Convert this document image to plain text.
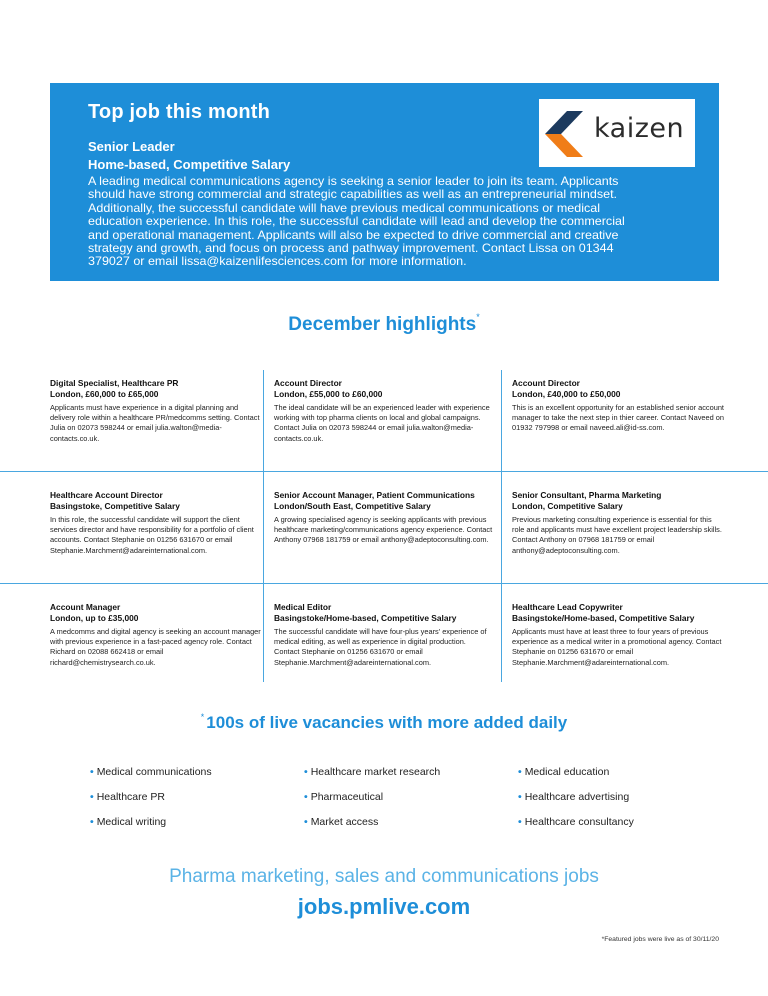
Top job this month
Senior Leader
Home-based, Competitive Salary
A leading medical communications agency is seeking a senior leader to join its team. Applicants should have strong commercial and strategic capabilities as well as an entrepreneurial mindset. Additionally, the successful candidate will have previous medical communications or medical education experience. In this role, the successful candidate will lead and develop the commercial and operational management. Applicants will also be expected to drive commercial and creative strategy and growth, and focus on process and pathway improvement. Contact Lissa on 01344 379027 or email lissa@kaizenlifesciences.com for more information.
kaizen
December highlights*
Digital Specialist, Healthcare PR
London, £60,000 to £65,000
Applicants must have experience in a digital planning and delivery role within a healthcare PR/medcomms setting. Contact Julia on 02073 598244 or email julia.walton@media-contacts.co.uk.
Account Director
London, £55,000 to £60,000
The ideal candidate will be an experienced leader with experience working with top pharma clients on local and global campaigns. Contact Julia on 02073 598244 or email julia.walton@media-contacts.co.uk.
Account Director
London, £40,000 to £50,000
This is an excellent opportunity for an established senior account manager to take the next step in thier career. Contact Naveed on 01932 797998 or email naveed.ali@id-ss.com.
Healthcare Account Director
Basingstoke, Competitive Salary
In this role, the successful candidate will support the client services director and have responsibility for a portfolio of client accounts. Contact Stephanie on 01256 631670 or email Stephanie.Marchment@adareinternational.com.
Senior Account Manager, Patient Communications
London/South East, Competitive Salary
A growing specialised agency is seeking applicants with previous healthcare marketing/communications agency experience. Contact Anthony 07968 181759 or email anthony@adeptoconsulting.com.
Senior Consultant, Pharma Marketing
London, Competitive Salary
Previous marketing consulting experience is essential for this role and applicants must have excellent project leadership skills. Contact Anthony on 07968 181759 or email anthony@adeptoconsulting.com.
Account Manager
London, up to £35,000
A medcomms and digital agency is seeking an account manager with previous experience in a fast-paced agency role. Contact Richard on 02088 662418 or email richard@chemistrysearch.co.uk.
Medical Editor
Basingstoke/Home-based, Competitive Salary
The successful candidate will have four-plus years' experience of medical editing, as well as experience in digital production. Contact Stephanie on 01256 631670 or email Stephanie.Marchment@adareinternational.com.
Healthcare Lead Copywriter
Basingstoke/Home-based, Competitive Salary
Applicants must have at least three to four years of previous experience as a medical writer in a promotional agency. Contact Stephanie on 01256 631670 or email Stephanie.Marchment@adareinternational.com.
* 100s of live vacancies with more added daily
• Medical communications	• Healthcare market research	• Medical education
• Healthcare PR	• Pharmaceutical	• Healthcare advertising
• Medical writing	• Market access	• Healthcare consultancy
Pharma marketing, sales and communications jobs
jobs.pmlive.com
*Featured jobs were live as of 30/11/20
